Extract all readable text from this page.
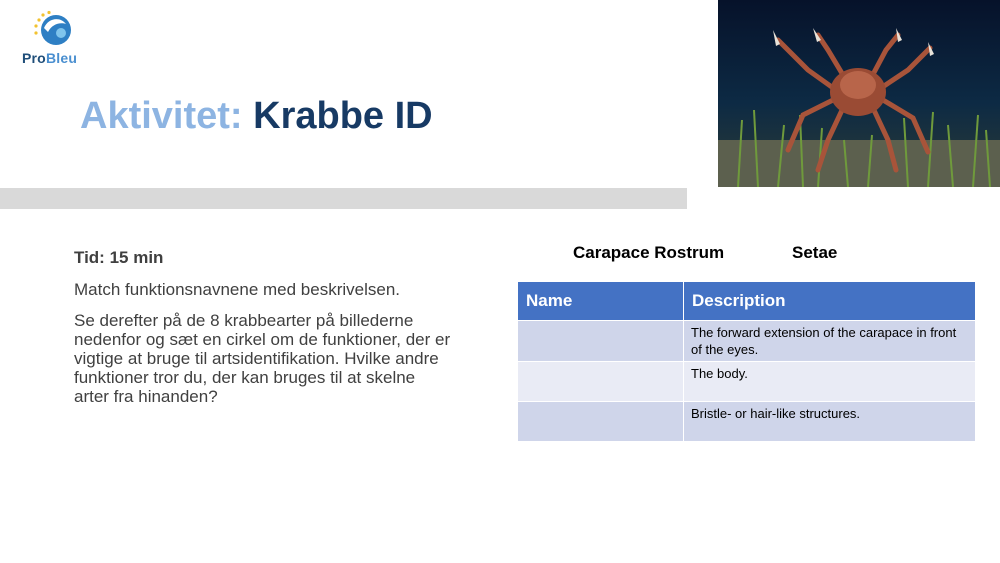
ProBleu
Aktivitet: Krabbe ID
Tid: 15 min
Match funktionsnavnene med beskrivelsen.
Se derefter på de 8 krabbearter på billederne nedenfor og sæt en cirkel om de funktioner, der er vigtige at bruge til artsidentifikation. Hvilke andre funktioner tror du, der kan bruges til at skelne arter fra hinanden?
Carapace Rostrum	Setae
Name	Description
	The forward extension of the carapace in front of the eyes.
	The body.
	Bristle- or hair-like structures.
